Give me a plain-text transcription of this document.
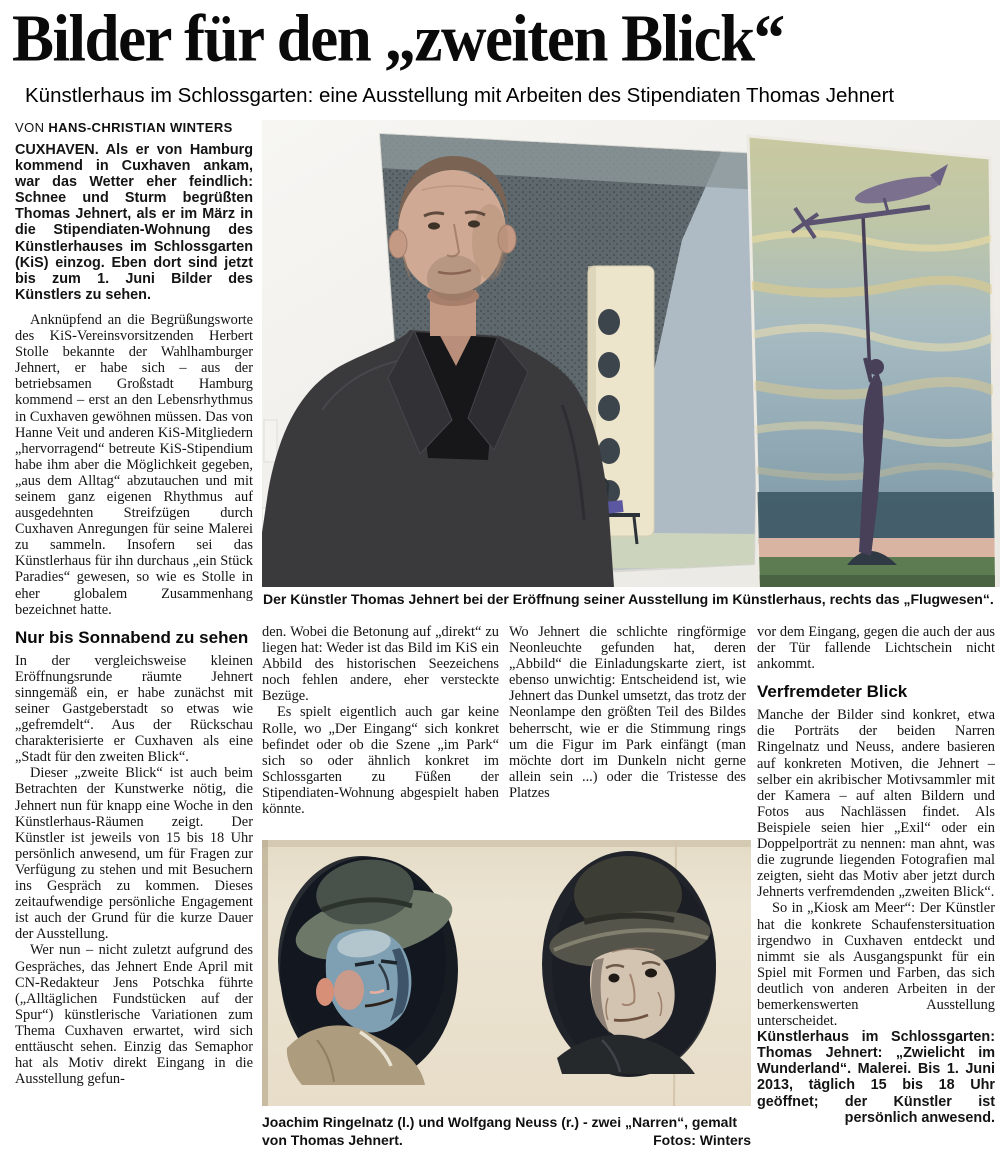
Bilder für den „zweiten Blick“
Künstlerhaus im Schlossgarten: eine Ausstellung mit Arbeiten des Stipendiaten Thomas Jehnert
VON HANS-CHRISTIAN WINTERS

CUXHAVEN. Als er von Hamburg kommend in Cuxhaven ankam, war das Wetter eher feindlich: Schnee und Sturm begrüßten Thomas Jehnert, als er im März in die Stipendiaten-Wohnung des Künstlerhauses im Schlossgarten (KiS) einzog. Eben dort sind jetzt bis zum 1. Juni Bilder des Künstlers zu sehen.

Anknüpfend an die Begrüßungsworte des KiS-Vereinsvorsitzenden Herbert Stolle bekannte der Wahlhamburger Jehnert, er habe sich – aus der betriebsamen Großstadt Hamburg kommend – erst an den Lebensrhythmus in Cuxhaven gewöhnen müssen. Das von Hanne Veit und anderen KiS-Mitgliedern „hervorragend“ betreute KiS-Stipendium habe ihm aber die Möglichkeit gegeben, „aus dem Alltag“ abzutauchen und mit seinem ganz eigenen Rhythmus auf ausgedehnten Streifzügen durch Cuxhaven Anregungen für seine Malerei zu sammeln. Insofern sei das Künstlerhaus für ihn durchaus „ein Stück Paradies“ gewesen, so wie es Stolle in eher globalem Zusammenhang bezeichnet hatte.

Nur bis Sonnabend zu sehen

In der vergleichsweise kleinen Eröffnungsrunde räumte Jehnert sinngemäß ein, er habe zunächst mit seiner Gastgeberstadt so etwas wie „gefremdelt“. Aus der Rückschau charakterisierte er Cuxhaven als eine „Stadt für den zweiten Blick“.

Dieser „zweite Blick“ ist auch beim Betrachten der Kunstwerke nötig, die Jehnert nun für knapp eine Woche in den Künstlerhaus-Räumen zeigt. Der Künstler ist jeweils von 15 bis 18 Uhr persönlich anwesend, um für Fragen zur Verfügung zu stehen und mit Besuchern ins Gespräch zu kommen. Dieses zeitaufwendige persönliche Engagement ist auch der Grund für die kurze Dauer der Ausstellung.

Wer nun – nicht zuletzt aufgrund des Gespräches, das Jehnert Ende April mit CN-Redakteur Jens Potschka führte („Alltäglichen Fundstücken auf der Spur“) künstlerische Variationen zum Thema Cuxhaven erwartet, wird sich enttäuscht sehen. Einzig das Semaphor hat als Motiv direkt Eingang in die Ausstellung gefun-

Der Künstler Thomas Jehnert bei der Eröffnung seiner Ausstellung im Künstlerhaus, rechts das „Flugwesen“.

den. Wobei die Betonung auf „direkt“ zu liegen hat: Weder ist das Bild im KiS ein Abbild des historischen Seezeichens noch fehlen andere, eher versteckte Bezüge.

Es spielt eigentlich auch gar keine Rolle, wo „Der Eingang“ sich konkret befindet oder ob die Szene „im Park“ sich so oder ähnlich konkret im Schlossgarten zu Füßen der Stipendiaten-Wohnung abgespielt haben könnte.

Wo Jehnert die schlichte ringförmige Neonleuchte gefunden hat, deren „Abbild“ die Einladungskarte ziert, ist ebenso unwichtig: Entscheidend ist, wie Jehnert das Dunkel umsetzt, das trotz der Neonlampe den größten Teil des Bildes beherrscht, wie er die Stimmung rings um die Figur im Park einfängt (man möchte dort im Dunkeln nicht gerne allein sein ...) oder die Tristesse des Platzes

vor dem Eingang, gegen die auch der aus der Tür fallende Lichtschein nicht ankommt.

Verfremdeter Blick

Manche der Bilder sind konkret, etwa die Porträts der beiden Narren Ringelnatz und Neuss, andere basieren auf konkreten Motiven, die Jehnert – selber ein akribischer Motivsammler mit der Kamera – auf alten Bildern und Fotos aus Nachlässen findet. Als Beispiele seien hier „Exil“ oder ein Doppelporträt zu nennen: man ahnt, was die zugrunde liegenden Fotografien mal zeigten, sieht das Motiv aber jetzt durch Jehnerts verfremdenden „zweiten Blick“.

So in „Kiosk am Meer“: Der Künstler hat die konkrete Schaufenstersituation irgendwo in Cuxhaven entdeckt und nimmt sie als Ausgangspunkt für ein Spiel mit Formen und Farben, das sich deutlich von anderen Arbeiten in der bemerkenswerten Ausstellung unterscheidet.

Künstlerhaus im Schlossgarten: Thomas Jehnert: „Zwielicht im Wunderland“. Malerei. Bis 1. Juni 2013, täglich 15 bis 18 Uhr geöffnet; der Künstler ist persönlich anwesend.

Joachim Ringelnatz (l.) und Wolfgang Neuss (r.) - zwei „Narren“, gemalt von Thomas Jehnert.	Fotos: Winters
